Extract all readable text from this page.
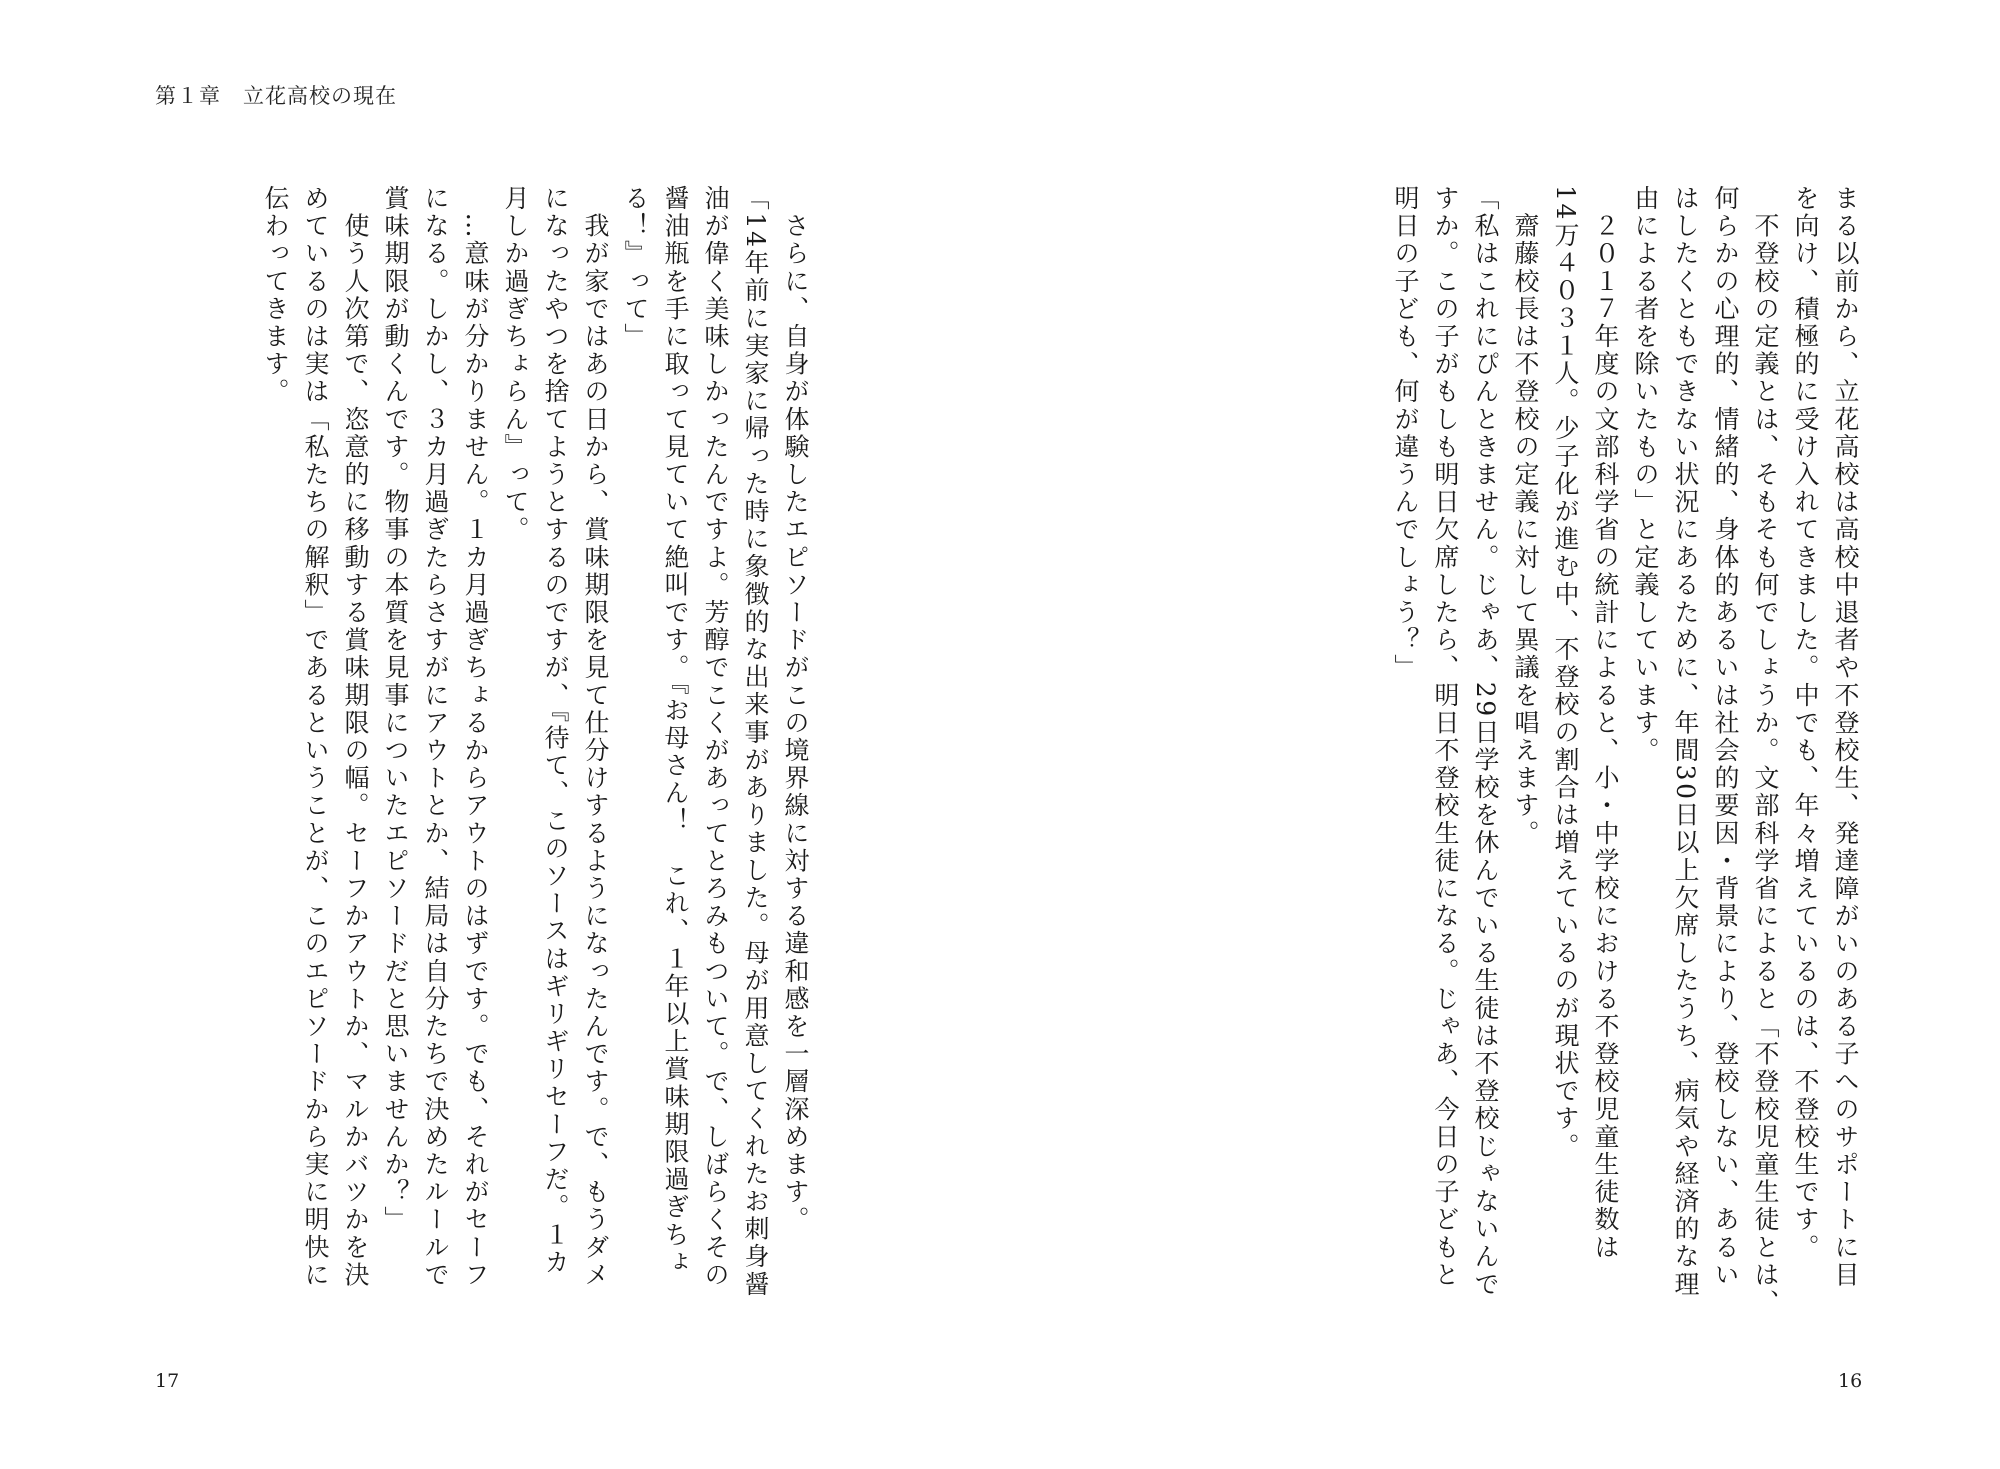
第１章　立花高校の現在
まる以前から、立花高校は高校中退者や不登校生、発達障がいのある子へのサポートに目
を向け、積極的に受け入れてきました。中でも、年々増えているのは、不登校生です。
　不登校の定義とは、そもそも何でしょうか。文部科学省によると「不登校児童生徒とは、
何らかの心理的、情緒的、身体的あるいは社会的要因・背景により、登校しない、あるい
はしたくともできない状況にあるために、年間30日以上欠席したうち、病気や経済的な理
由による者を除いたもの」と定義しています。
　２０１７年度の文部科学省の統計によると、小・中学校における不登校児童生徒数は
14万４０３１人。少子化が進む中、不登校の割合は増えているのが現状です。
　齋藤校長は不登校の定義に対して異議を唱えます。
「私はこれにぴんときません。じゃあ、29日学校を休んでいる生徒は不登校じゃないんで
すか。この子がもしも明日欠席したら、明日不登校生徒になる。じゃあ、今日の子どもと
明日の子ども、何が違うんでしょう？」
　さらに、自身が体験したエピソードがこの境界線に対する違和感を一層深めます。
「14年前に実家に帰った時に象徴的な出来事がありました。母が用意してくれたお刺身醤
油が偉く美味しかったんですよ。芳醇でこくがあってとろみもついて。で、しばらくその
醤油瓶を手に取って見ていて絶叫です。『お母さん！　これ、１年以上賞味期限過ぎちょ
る！』って」
　我が家ではあの日から、賞味期限を見て仕分けするようになったんです。で、もうダメ
になったやつを捨てようとするのですが、『待て、このソースはギリギリセーフだ。１カ
月しか過ぎちょらん』って。
　…意味が分かりません。１カ月過ぎちょるからアウトのはずです。でも、それがセーフ
になる。しかし、３カ月過ぎたらさすがにアウトとか、結局は自分たちで決めたルールで
賞味期限が動くんです。物事の本質を見事についたエピソードだと思いませんか？」
　使う人次第で、恣意的に移動する賞味期限の幅。セーフかアウトか、マルかバツかを決
めているのは実は「私たちの解釈」であるということが、このエピソードから実に明快に
伝わってきます。
17	16
